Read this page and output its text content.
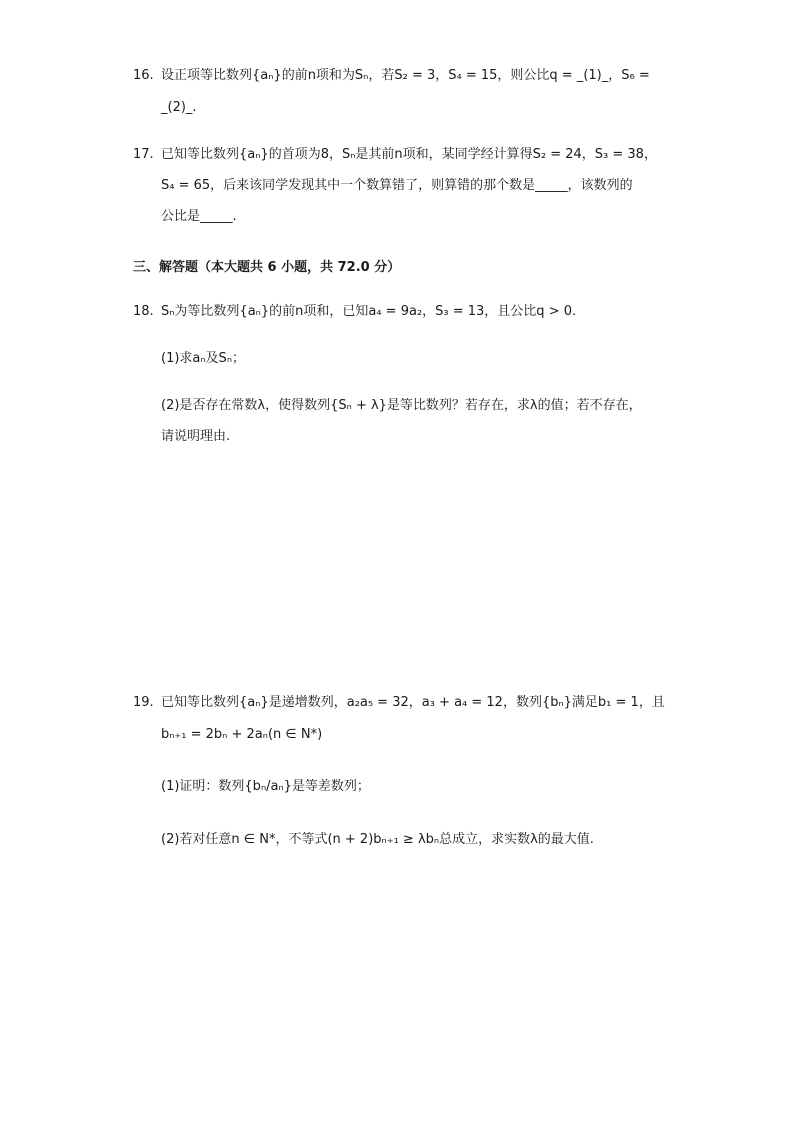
16. 设正项等比数列{aₙ}的前n项和为Sₙ，若S₂ = 3，S₄ = 15，则公比q = _(1)_，S₆ =
_(2)_.
17. 已知等比数列{aₙ}的首项为8，Sₙ是其前n项和，某同学经计算得S₂ = 24，S₃ = 38，
S₄ = 65，后来该同学发现其中一个数算错了，则算错的那个数是_____，该数列的
公比是_____.
三、解答题（本大题共 6 小题，共 72.0 分）
18. Sₙ为等比数列{aₙ}的前n项和，已知a₄ = 9a₂，S₃ = 13，且公比q > 0.
(1)求aₙ及Sₙ；
(2)是否存在常数λ，使得数列{Sₙ + λ}是等比数列？若存在，求λ的值；若不存在，
请说明理由.
19. 已知等比数列{aₙ}是递增数列，a₂a₅ = 32，a₃ + a₄ = 12，数列{bₙ}满足b₁ = 1，且
bₙ₊₁ = 2bₙ + 2aₙ(n ∈ N*)
(1)证明：数列{bₙ/aₙ}是等差数列；
(2)若对任意n ∈ N*，不等式(n + 2)bₙ₊₁ ≥ λbₙ总成立，求实数λ的最大值.
